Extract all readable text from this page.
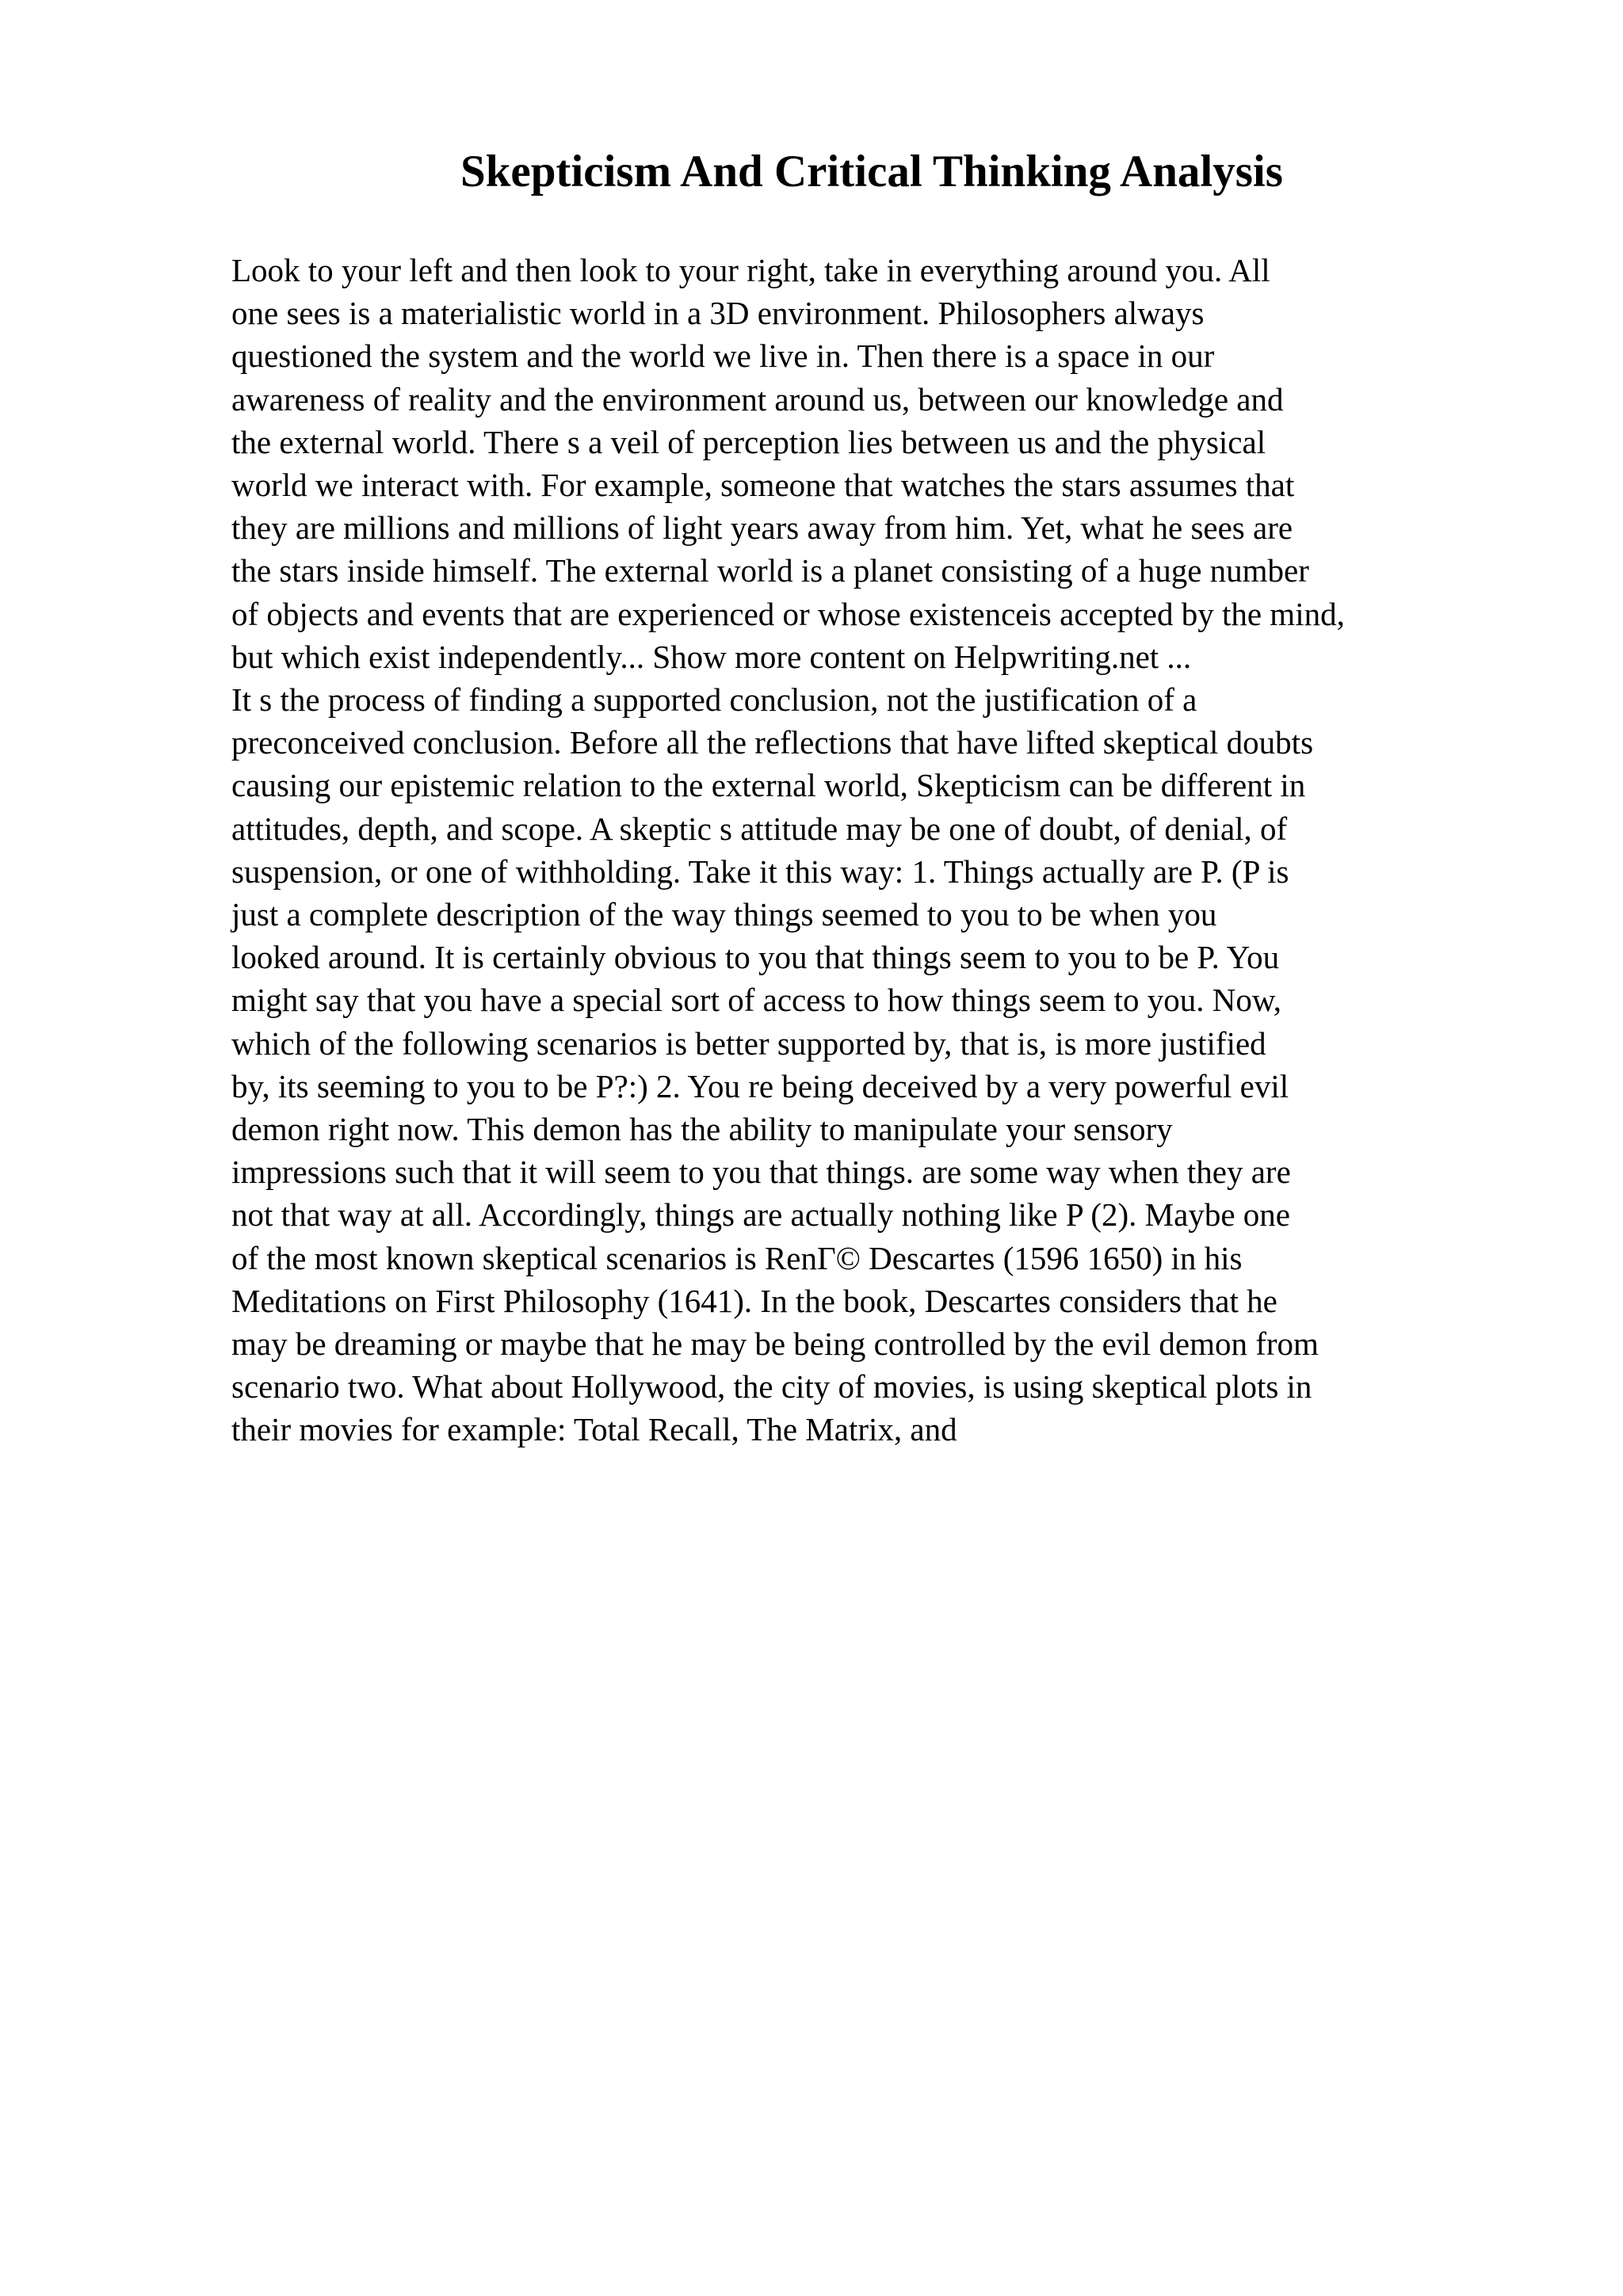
Skepticism And Critical Thinking Analysis
Look to your left and then look to your right, take in everything around you. All
one sees is a materialistic world in a 3D environment. Philosophers always
questioned the system and the world we live in. Then there is a space in our
awareness of reality and the environment around us, between our knowledge and
the external world. There s a veil of perception lies between us and the physical
world we interact with. For example, someone that watches the stars assumes that
they are millions and millions of light years away from him. Yet, what he sees are
the stars inside himself. The external world is a planet consisting of a huge number
of objects and events that are experienced or whose existenceis accepted by the mind,
but which exist independently... Show more content on Helpwriting.net ...
It s the process of finding a supported conclusion, not the justification of a
preconceived conclusion. Before all the reflections that have lifted skeptical doubts
causing our epistemic relation to the external world, Skepticism can be different in
attitudes, depth, and scope. A skeptic s attitude may be one of doubt, of denial, of
suspension, or one of withholding. Take it this way: 1. Things actually are P. (P is
just a complete description of the way things seemed to you to be when you
looked around. It is certainly obvious to you that things seem to you to be P. You
might say that you have a special sort of access to how things seem to you. Now,
which of the following scenarios is better supported by, that is, is more justified
by, its seeming to you to be P?:) 2. You re being deceived by a very powerful evil
demon right now. This demon has the ability to manipulate your sensory
impressions such that it will seem to you that things. are some way when they are
not that way at all. Accordingly, things are actually nothing like P (2). Maybe one
of the most known skeptical scenarios is RenΓ© Descartes (1596 1650) in his
Meditations on First Philosophy (1641). In the book, Descartes considers that he
may be dreaming or maybe that he may be being controlled by the evil demon from
scenario two. What about Hollywood, the city of movies, is using skeptical plots in
their movies for example: Total Recall, The Matrix, and
